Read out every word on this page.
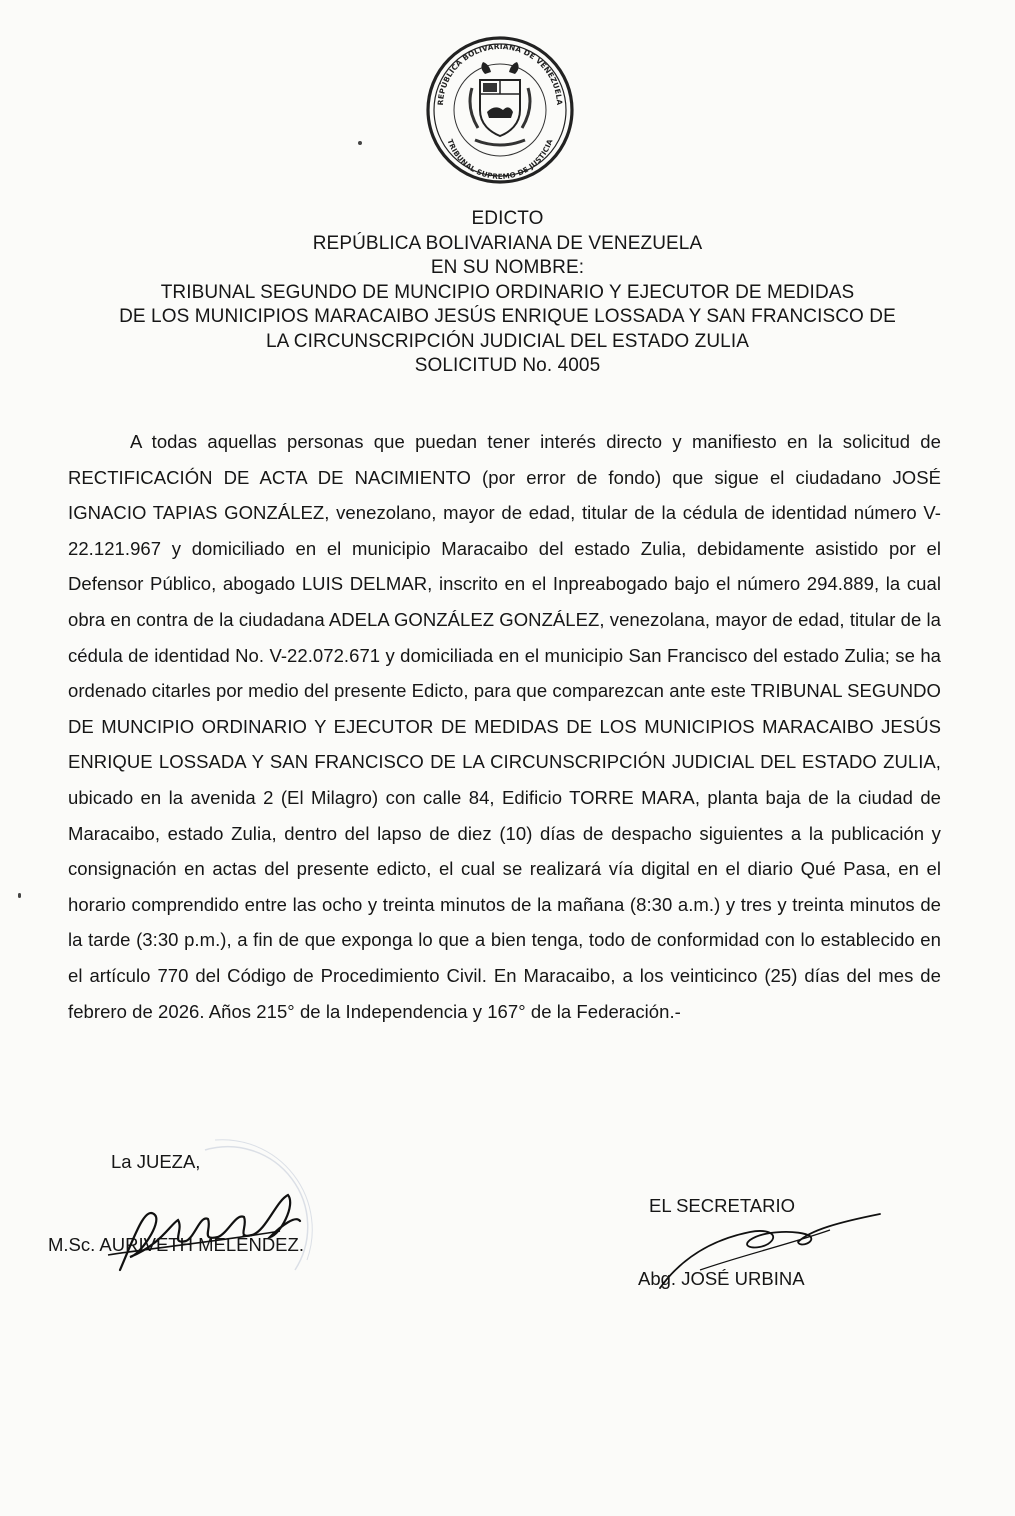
REPÚBLICA BOLIVARIANA DE VENEZUELA
TRIBUNAL SUPREMO DE JUSTICIA
EDICTO
REPÚBLICA BOLIVARIANA DE VENEZUELA
EN SU NOMBRE:
TRIBUNAL SEGUNDO DE MUNCIPIO ORDINARIO Y EJECUTOR DE MEDIDAS
DE LOS MUNICIPIOS MARACAIBO JESÚS ENRIQUE LOSSADA Y SAN FRANCISCO DE
LA CIRCUNSCRIPCIÓN JUDICIAL DEL ESTADO ZULIA
SOLICITUD No. 4005

A todas aquellas personas que puedan tener interés directo y manifiesto en la solicitud de RECTIFICACIÓN DE ACTA DE NACIMIENTO (por error de fondo) que sigue el ciudadano JOSÉ IGNACIO TAPIAS GONZÁLEZ, venezolano, mayor de edad, titular de la cédula de identidad número V-22.121.967 y domiciliado en el municipio Maracaibo del estado Zulia, debidamente asistido por el Defensor Público, abogado LUIS DELMAR, inscrito en el Inpreabogado bajo el número 294.889, la cual obra en contra de la ciudadana ADELA GONZÁLEZ GONZÁLEZ, venezolana, mayor de edad, titular de la cédula de identidad No. V-22.072.671 y domiciliada en el municipio San Francisco del estado Zulia; se ha ordenado citarles por medio del presente Edicto, para que comparezcan ante este TRIBUNAL SEGUNDO DE MUNCIPIO ORDINARIO Y EJECUTOR DE MEDIDAS DE LOS MUNICIPIOS MARACAIBO JESÚS ENRIQUE LOSSADA Y SAN FRANCISCO DE LA CIRCUNSCRIPCIÓN JUDICIAL DEL ESTADO ZULIA, ubicado en la avenida 2 (El Milagro) con calle 84, Edificio TORRE MARA, planta baja de la ciudad de Maracaibo, estado Zulia, dentro del lapso de diez (10) días de despacho siguientes a la publicación y consignación en actas del presente edicto, el cual se realizará vía digital en el diario Qué Pasa, en el horario comprendido entre las ocho y treinta minutos de la mañana (8:30 a.m.) y tres y treinta minutos de la tarde (3:30 p.m.), a fin de que exponga lo que a bien tenga, todo de conformidad con lo establecido en el artículo 770 del Código de Procedimiento Civil. En Maracaibo, a los veinticinco (25) días del mes de febrero de 2026. Años 215° de la Independencia y 167° de la Federación.-

La JUEZA,
M.Sc. AURIVETH MELÉNDEZ.
EL SECRETARIO
Abg. JOSÉ URBINA
